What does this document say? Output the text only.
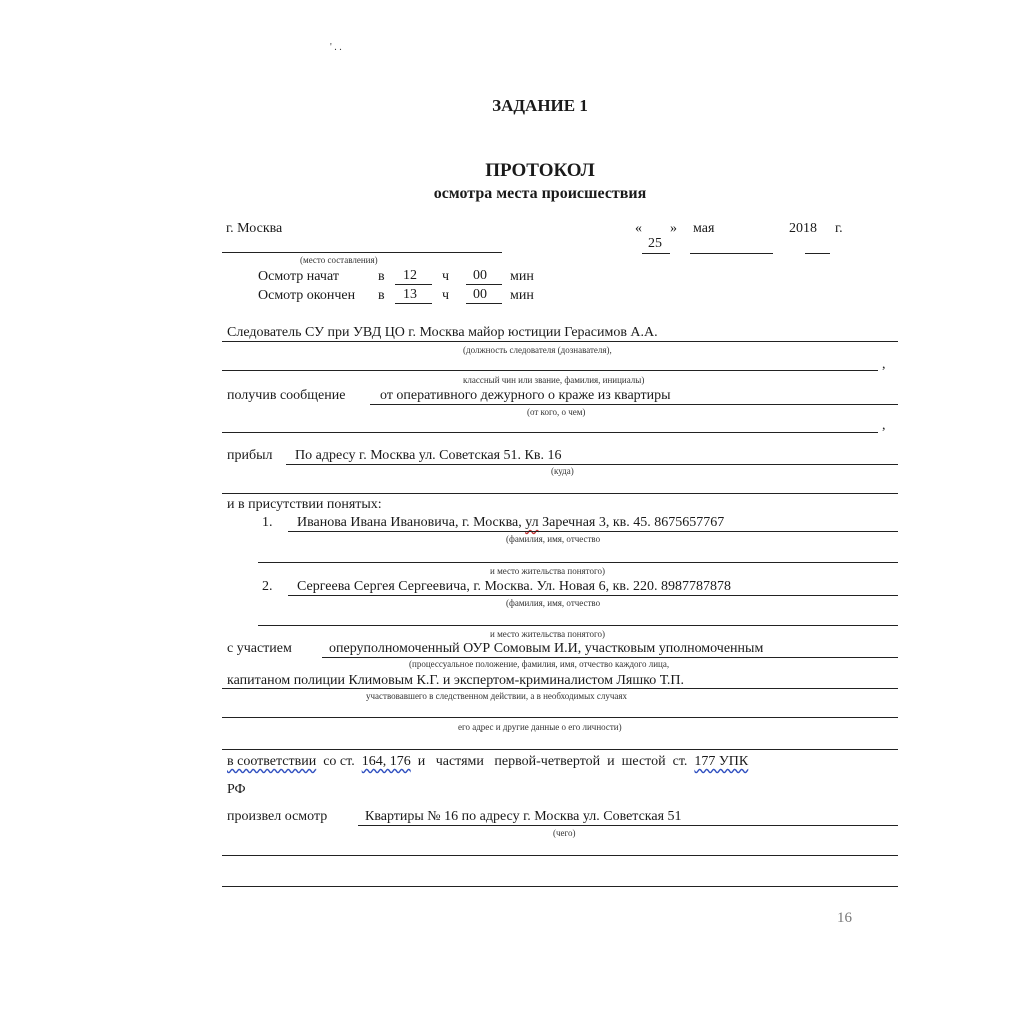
' . .
ЗАДАНИЕ 1
ПРОТОКОЛ
осмотра места происшествия
г. Москва
(место составления)
« »
25
мая	2018 г.
Осмотр начат	в 12 ч 00 мин
Осмотр окончен в 13 ч 00 мин
Следователь СУ при УВД ЦО г. Москва майор юстиции Герасимов А.А.
(должность следователя (дознавателя),
,
классный чин или звание, фамилия, инициалы)
получив сообщение от оперативного дежурного о краже из квартиры
(от кого, о чем)
,
прибыл По адресу г. Москва ул. Советская 51. Кв. 16
(куда)
и в присутствии понятых:
1. Иванова Ивана Ивановича, г. Москва, ул Заречная 3, кв. 45. 8675657767
(фамилия, имя, отчество
и место жительства понятого)
2. Сергеева Сергея Сергеевича, г. Москва. Ул. Новая 6, кв. 220. 8987787878
(фамилия, имя, отчество
и место жительства понятого)
с участием	оперуполномоченный ОУР Сомовым И.И, участковым уполномоченным
(процессуальное положение, фамилия, имя, отчество каждого лица,
капитаном полиции Климовым К.Г. и экспертом-криминалистом Ляшко Т.П.
участвовавшего в следственном действии, а в необходимых случаях
его адрес и другие данные о его личности)
в соответствии со ст. 164, 176 и   частями   первой-четвертой  и  шестой  ст. 177 УПК
РФ
произвел осмотр	Квартиры № 16 по адресу г. Москва ул. Советская 51
(чего)
16
